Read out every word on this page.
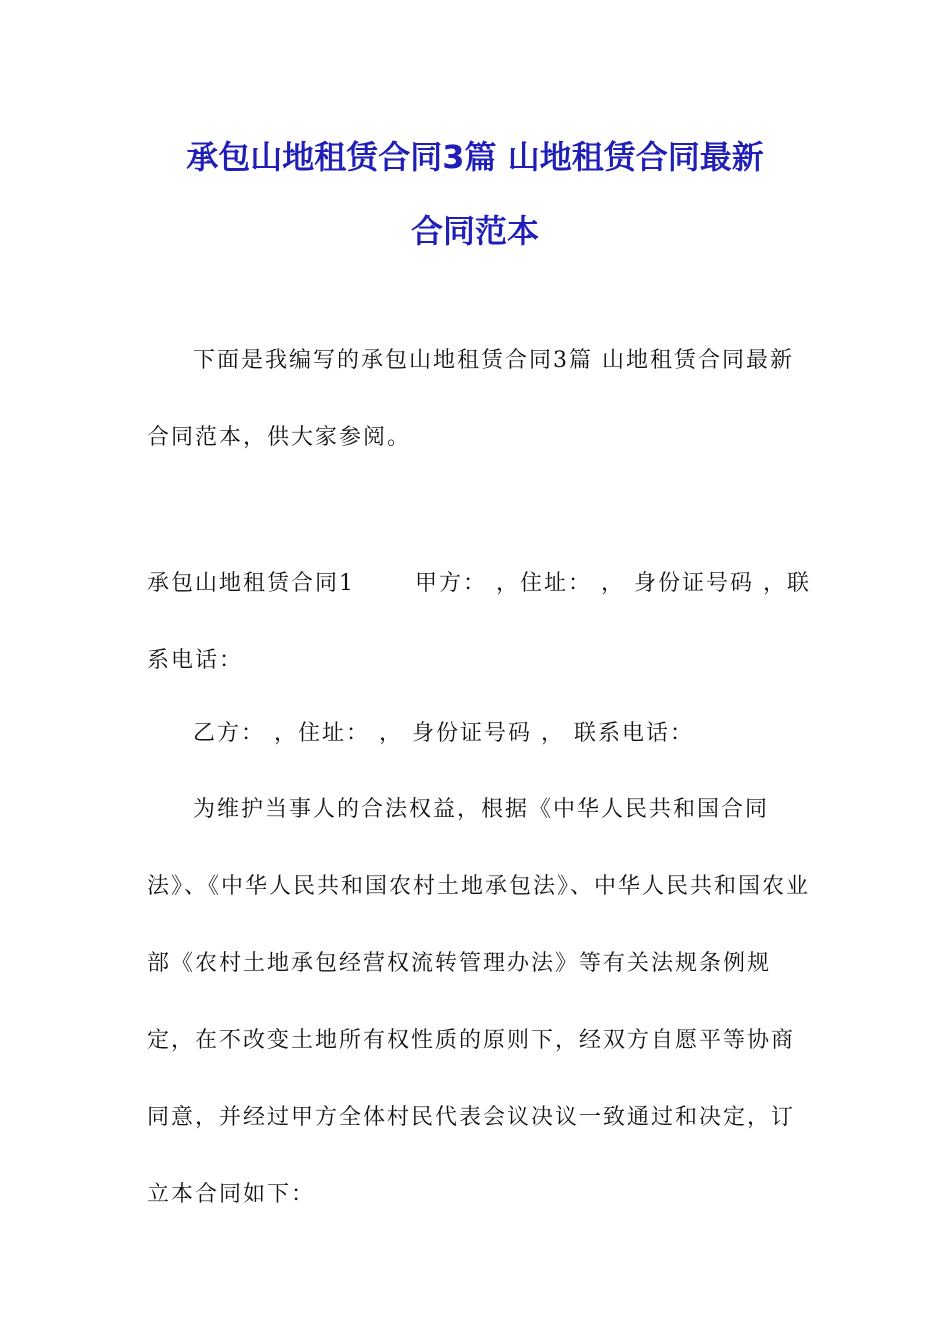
承包山地租赁合同3篇 山地租赁合同最新
合同范本

下面是我编写的承包山地租赁合同3篇 山地租赁合同最新合同范本，供大家参阅。

承包山地租赁合同1	甲方： ，住址： ， 身份证号码 ，联系电话：

乙方： ，住址： ， 身份证号码 ， 联系电话：

为维护当事人的合法权益，根据《中华人民共和国合同法》、《中华人民共和国农村土地承包法》、中华人民共和国农业部《农村土地承包经营权流转管理办法》等有关法规条例规定，在不改变土地所有权性质的原则下，经双方自愿平等协商同意，并经过甲方全体村民代表会议决议一致通过和决定，订立本合同如下：
